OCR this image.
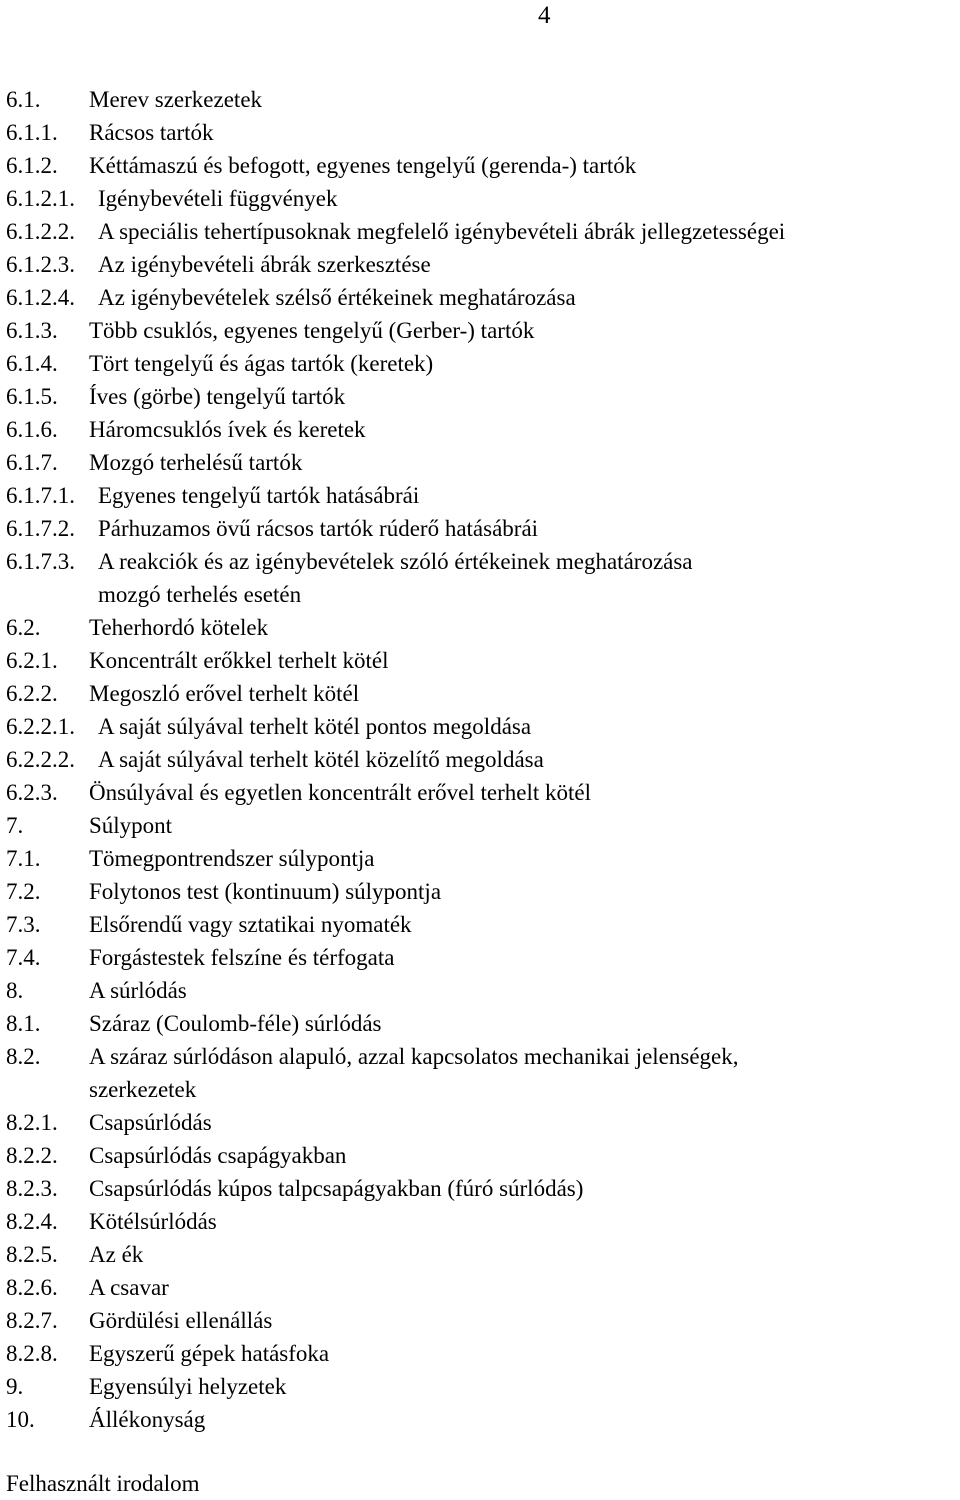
4
6.1. Merev szerkezetek
6.1.1. Rácsos tartók
6.1.2. Kéttámaszú és befogott, egyenes tengelyű (gerenda-) tartók
6.1.2.1. Igénybevételi függvények
6.1.2.2. A speciális tehertípusoknak megfelelő igénybevételi ábrák jellegzetességei
6.1.2.3. Az igénybevételi ábrák szerkesztése
6.1.2.4. Az igénybevételek szélső értékeinek meghatározása
6.1.3. Több csuklós, egyenes tengelyű (Gerber-) tartók
6.1.4. Tört tengelyű és ágas tartók (keretek)
6.1.5. Íves (görbe) tengelyű tartók
6.1.6. Háromcsuklós ívek és keretek
6.1.7. Mozgó terhelésű tartók
6.1.7.1. Egyenes tengelyű tartók hatásábrái
6.1.7.2. Párhuzamos övű rácsos tartók rúderő hatásábrái
6.1.7.3. A reakciók és az igénybevételek szóló értékeinek meghatározása
mozgó terhelés esetén
6.2. Teherhordó kötelek
6.2.1. Koncentrált erőkkel terhelt kötél
6.2.2. Megoszló erővel terhelt kötél
6.2.2.1. A saját súlyával terhelt kötél pontos megoldása
6.2.2.2. A saját súlyával terhelt kötél közelítő megoldása
6.2.3. Önsúlyával és egyetlen koncentrált erővel terhelt kötél
7.	Súlypont
7.1. Tömegpontrendszer súlypontja
7.2. Folytonos test (kontinuum) súlypontja
7.3. Elsőrendű vagy sztatikai nyomaték
7.4. Forgástestek felszíne és térfogata
8.	A súrlódás
8.1. Száraz (Coulomb-féle) súrlódás
8.2. A száraz súrlódáson alapuló, azzal kapcsolatos mechanikai jelenségek,
szerkezetek
8.2.1. Csapsúrlódás
8.2.2. Csapsúrlódás csapágyakban
8.2.3. Csapsúrlódás kúpos talpcsapágyakban (fúró súrlódás)
8.2.4. Kötélsúrlódás
8.2.5. Az ék
8.2.6. A csavar
8.2.7. Gördülési ellenállás
8.2.8. Egyszerű gépek hatásfoka
9.	Egyensúlyi helyzetek
10. Állékonyság
Felhasznált irodalom
